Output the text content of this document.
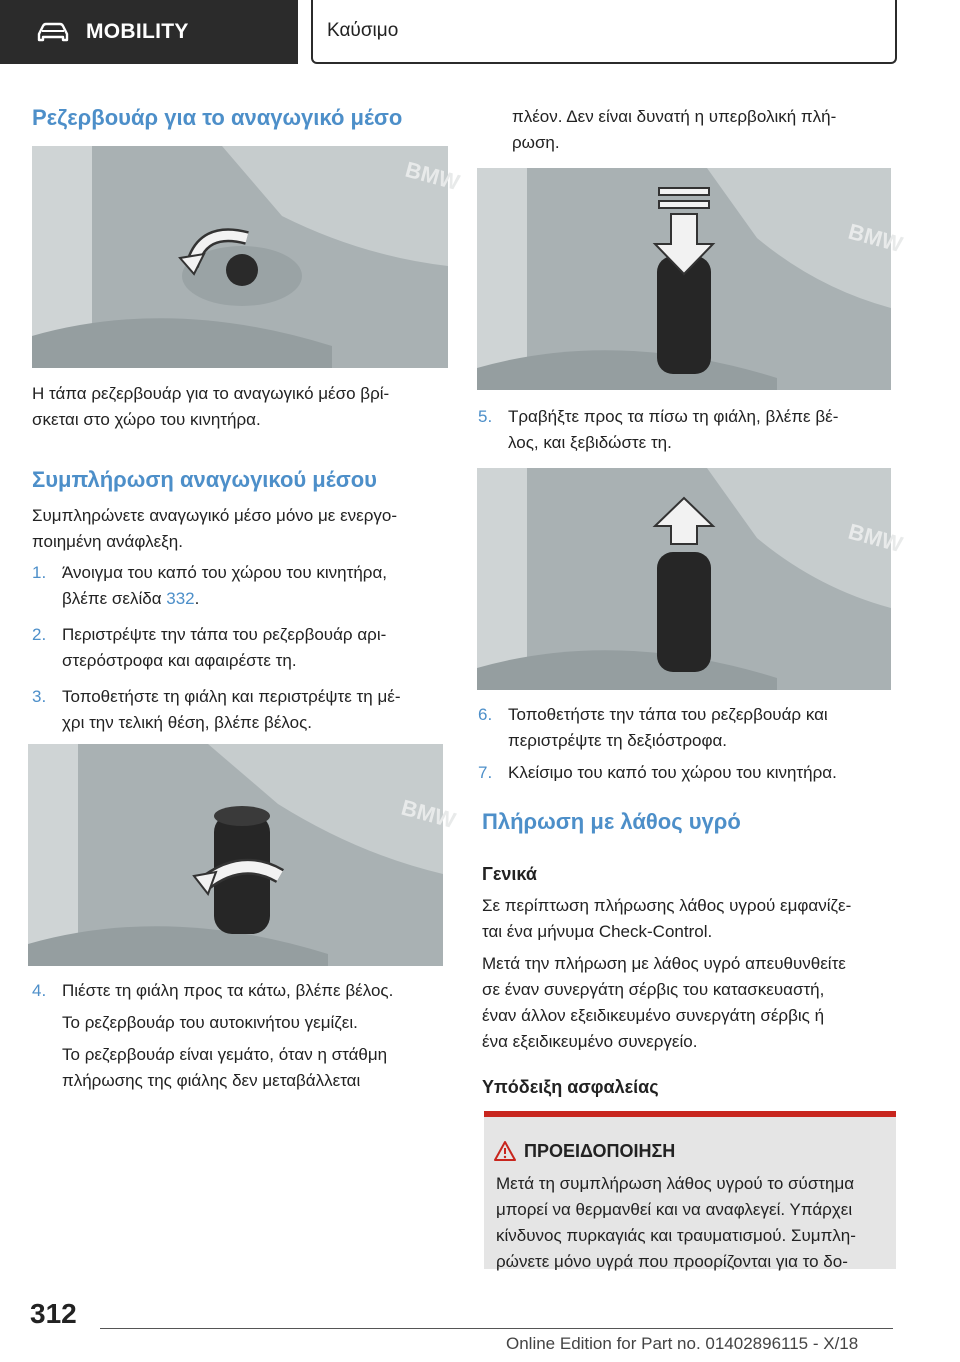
MOBILITY	Καύσιμο
Ρεζερβουάρ για το αναγωγικό μέσο
BMW
Η τάπα ρεζερβουάρ για το αναγωγικό μέσο βρί-
σκεται στο χώρο του κινητήρα.
Συμπλήρωση αναγωγικού μέσου
Συμπληρώνετε αναγωγικό μέσο μόνο με ενεργο-
ποιημένη ανάφλεξη.
1. Άνοιγμα του καπό του χώρου του κινητήρα,
βλέπε σελίδα 332.
2. Περιστρέψτε την τάπα του ρεζερβουάρ αρι-
στερόστροφα και αφαιρέστε τη.
3. Τοποθετήστε τη φιάλη και περιστρέψτε τη μέ-
χρι την τελική θέση, βλέπε βέλος.
BMW
4. Πιέστε τη φιάλη προς τα κάτω, βλέπε βέλος.
Το ρεζερβουάρ του αυτοκινήτου γεμίζει.
Το ρεζερβουάρ είναι γεμάτο, όταν η στάθμη
πλήρωσης της φιάλης δεν μεταβάλλεται
πλέον. Δεν είναι δυνατή η υπερβολική πλή-
ρωση.
BMW
5. Τραβήξτε προς τα πίσω τη φιάλη, βλέπε βέ-
λος, και ξεβιδώστε τη.
BMW
6. Τοποθετήστε την τάπα του ρεζερβουάρ και
περιστρέψτε τη δεξιόστροφα.
7. Κλείσιμο του καπό του χώρου του κινητήρα.
Πλήρωση με λάθος υγρό
Γενικά
Σε περίπτωση πλήρωσης λάθος υγρού εμφανίζε-
ται ένα μήνυμα Check-Control.
Μετά την πλήρωση με λάθος υγρό απευθυνθείτε
σε έναν συνεργάτη σέρβις του κατασκευαστή,
έναν άλλον εξειδικευμένο συνεργάτη σέρβις ή
ένα εξειδικευμένο συνεργείο.
Υπόδειξη ασφαλείας
ΠΡΟΕΙΔΟΠΟΙΗΣΗ
Μετά τη συμπλήρωση λάθος υγρού το σύστημα
μπορεί να θερμανθεί και να αναφλεγεί. Υπάρχει
κίνδυνος πυρκαγιάς και τραυματισμού. Συμπλη-
ρώνετε μόνο υγρά που προορίζονται για το δο-
312
Online Edition for Part no. 01402896115 - X/18
